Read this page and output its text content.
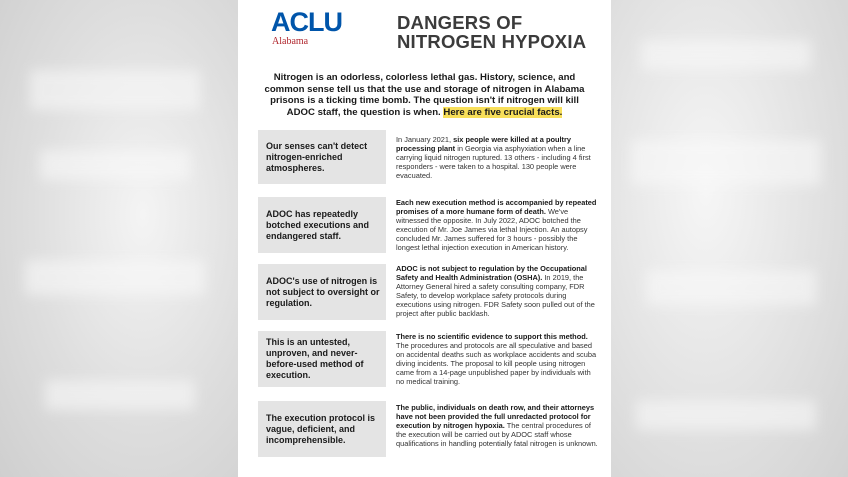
ACLU
Alabama
DANGERS OF
NITROGEN HYPOXIA
Nitrogen is an odorless, colorless lethal gas. History, science, and common sense tell us that the use and storage of nitrogen in Alabama prisons is a ticking time bomb. The question isn't if nitrogen will kill ADOC staff, the question is when. Here are five crucial facts.
Our senses can't detect nitrogen-enriched atmospheres.
In January 2021, six people were killed at a poultry processing plant in Georgia via asphyxiation when a line carrying liquid nitrogen ruptured. 13 others - including 4 first responders - were taken to a hospital. 130 people were evacuated.
ADOC has repeatedly botched executions and endangered staff.
Each new execution method is accompanied by repeated promises of a more humane form of death. We've witnessed the opposite. In July 2022, ADOC botched the execution of Mr. Joe James via lethal Injection. An autopsy concluded Mr. James suffered for 3 hours - possibly the longest lethal injection execution in American history.
ADOC's use of nitrogen is not subject to oversight or regulation.
ADOC is not subject to regulation by the Occupational Safety and Health Administration (OSHA). In 2019, the Attorney General hired a safety consulting company, FDR Safety, to develop workplace safety protocols during executions using nitrogen. FDR Safety soon pulled out of the project after public backlash.
This is an untested, unproven, and never-before-used method of execution.
There is no scientific evidence to support this method. The procedures and protocols are all speculative and based on accidental deaths such as workplace accidents and scuba diving incidents. The proposal to kill people using nitrogen came from a 14-page unpublished paper by individuals with no medical training.
The execution protocol is vague, deficient, and incomprehensible.
The public, individuals on death row, and their attorneys have not been provided the full unredacted protocol for execution by nitrogen hypoxia. The central procedures of the execution will be carried out by ADOC staff whose qualifications in handling potentially fatal nitrogen is unknown.
